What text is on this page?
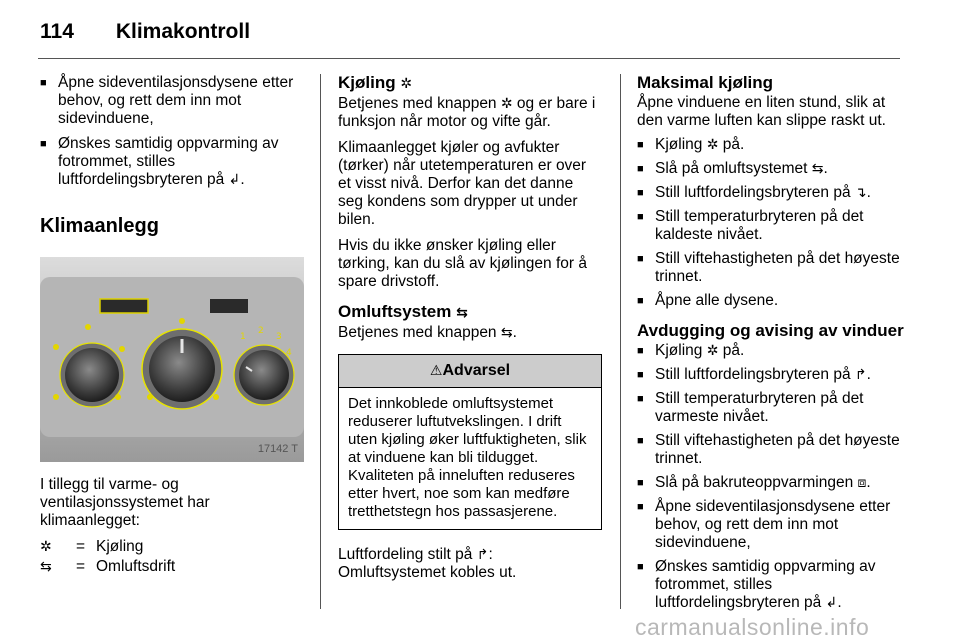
114 Klimakontroll
■ Åpne sideventilasjonsdysene etter behov, og rett dem inn mot sidevinduene,
■ Ønskes samtidig oppvarming av fotrommet, stilles luftfordelingsbryteren på ↲.
Klimaanlegg
1
2
3
4
17142 T

I tillegg til varme- og ventilasjonssystemet har klimaanlegget:

✲	= Kjøling
⇆	= Omluftsdrift
Kjøling ✲

Betjenes med knappen ✲ og er bare i funksjon når motor og vifte går.

Klimaanlegget kjøler og avfukter (tørker) når utetemperaturen er over et visst nivå. Derfor kan det danne seg kondens som drypper ut under bilen.

Hvis du ikke ønsker kjøling eller tørking, kan du slå av kjølingen for å spare drivstoff.

Omluftsystem ⇆

Betjenes med knappen ⇆.

⚠Advarsel
Det innkoblede omluftsystemet reduserer luftutvekslingen. I drift uten kjøling øker luftfuktigheten, slik at vinduene kan bli tildugget. Kvaliteten på inneluften reduseres etter hvert, noe som kan medføre tretthetstegn hos passasjerene.

Luftfordeling stilt på ↱: Omluftsystemet kobles ut.

Maksimal kjøling

Åpne vinduene en liten stund, slik at den varme luften kan slippe raskt ut.

■ Kjøling ✲ på.
■ Slå på omluftsystemet ⇆.
■ Still luftfordelingsbryteren på ↴.
■ Still temperaturbryteren på det kaldeste nivået.
■ Still viftehastigheten på det høyeste trinnet.
■ Åpne alle dysene.
Avdugging og avising av vinduer
■ Kjøling ✲ på.
■ Still luftfordelingsbryteren på ↱.
■ Still temperaturbryteren på det varmeste nivået.
■ Still viftehastigheten på det høyeste trinnet.
■ Slå på bakruteoppvarmingen ⧈.
■ Åpne sideventilasjonsdysene etter behov, og rett dem inn mot sidevinduene,
■ Ønskes samtidig oppvarming av fotrommet, stilles luftfordelingsbryteren på ↲.
carmanualsonline.info
